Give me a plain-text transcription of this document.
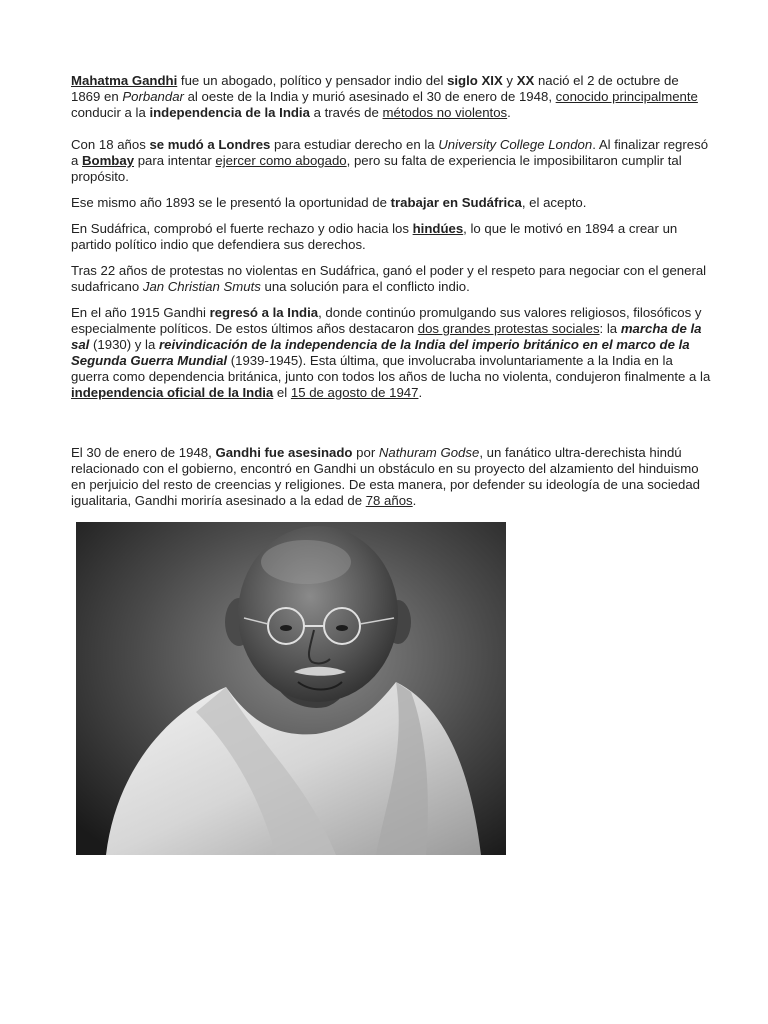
Mahatma Gandhi fue un abogado, político y pensador indio del siglo XIX y XX nació el 2 de octubre de 1869 en Porbandar al oeste de la India y murió asesinado el 30 de enero de 1948, conocido principalmente conducir a la independencia de la India a través de métodos no violentos.

Con 18 años se mudó a Londres para estudiar derecho en la University College London. Al finalizar regresó a Bombay para intentar ejercer como abogado, pero su falta de experiencia le imposibilitaron cumplir tal propósito.

Ese mismo año 1893 se le presentó la oportunidad de trabajar en Sudáfrica, el acepto.

En Sudáfrica, comprobó el fuerte rechazo y odio hacia los hindúes, lo que le motivó en 1894 a crear un partido político indio que defendiera sus derechos.

Tras 22 años de protestas no violentas en Sudáfrica, ganó el poder y el respeto para negociar con el general sudafricano Jan Christian Smuts una solución para el conflicto indio.

En el año 1915 Gandhi regresó a la India, donde continúo promulgando sus valores religiosos, filosóficos y especialmente políticos. De estos últimos años destacaron dos grandes protestas sociales: la marcha de la sal (1930) y la reivindicación de la independencia de la India del imperio británico en el marco de la Segunda Guerra Mundial (1939-1945). Esta última, que involucraba involuntariamente a la India en la guerra como dependencia británica, junto con todos los años de lucha no violenta, condujeron finalmente a la independencia oficial de la India el 15 de agosto de 1947.

El 30 de enero de 1948, Gandhi fue asesinado por Nathuram Godse, un fanático ultra-derechista hindú relacionado con el gobierno, encontró en Gandhi un obstáculo en su proyecto del alzamiento del hinduismo en perjuicio del resto de creencias y religiones. De esta manera, por defender su ideología de una sociedad igualitaria, Gandhi moriría asesinado a la edad de 78 años.
